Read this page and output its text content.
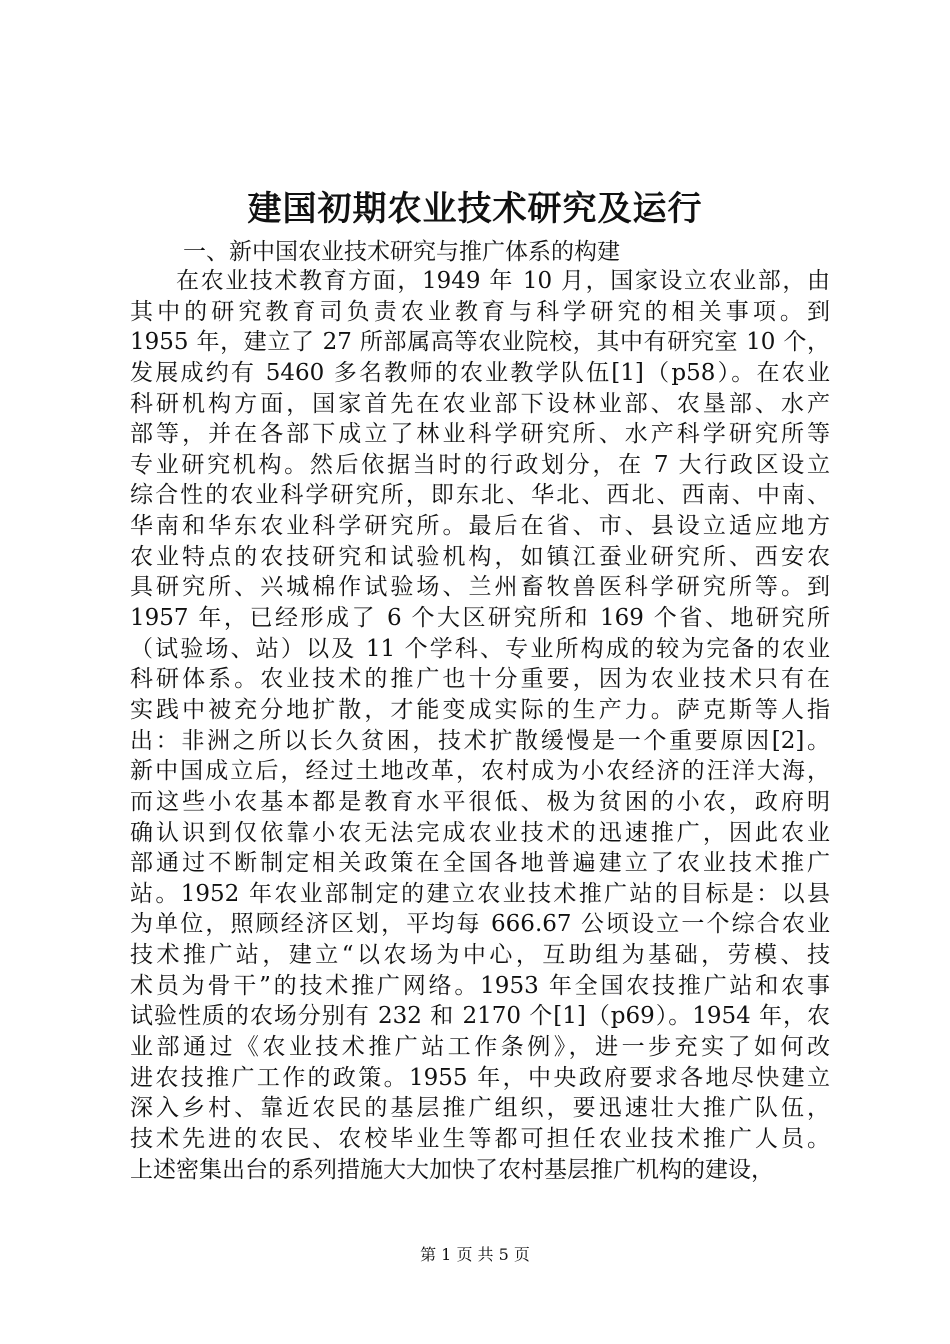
建国初期农业技术研究及运行
一、新中国农业技术研究与推广体系的构建
在农业技术教育方面，1949 年 10 月，国家设立农业部，由
其中的研究教育司负责农业教育与科学研究的相关事项。到
1955 年，建立了 27 所部属高等农业院校，其中有研究室 10 个，
发展成约有 5460 多名教师的农业教学队伍[1]（p58）。在农业
科研机构方面，国家首先在农业部下设林业部、农垦部、水产
部等，并在各部下成立了林业科学研究所、水产科学研究所等
专业研究机构。然后依据当时的行政划分，在 7 大行政区设立
综合性的农业科学研究所，即东北、华北、西北、西南、中南、
华南和华东农业科学研究所。最后在省、市、县设立适应地方
农业特点的农技研究和试验机构，如镇江蚕业研究所、西安农
具研究所、兴城棉作试验场、兰州畜牧兽医科学研究所等。到
1957 年，已经形成了 6 个大区研究所和 169 个省、地研究所
（试验场、站）以及 11 个学科、专业所构成的较为完备的农业
科研体系。农业技术的推广也十分重要，因为农业技术只有在
实践中被充分地扩散，才能变成实际的生产力。萨克斯等人指
出：非洲之所以长久贫困，技术扩散缓慢是一个重要原因[2]。
新中国成立后，经过土地改革，农村成为小农经济的汪洋大海，
而这些小农基本都是教育水平很低、极为贫困的小农，政府明
确认识到仅依靠小农无法完成农业技术的迅速推广，因此农业
部通过不断制定相关政策在全国各地普遍建立了农业技术推广
站。1952 年农业部制定的建立农业技术推广站的目标是：以县
为单位，照顾经济区划，平均每 666.67 公顷设立一个综合农业
技术推广站，建立“以农场为中心，互助组为基础，劳模、技
术员为骨干”的技术推广网络。1953 年全国农技推广站和农事
试验性质的农场分别有 232 和 2170 个[1]（p69）。1954 年，农
业部通过《农业技术推广站工作条例》，进一步充实了如何改
进农技推广工作的政策。1955 年，中央政府要求各地尽快建立
深入乡村、靠近农民的基层推广组织，要迅速壮大推广队伍，
技术先进的农民、农校毕业生等都可担任农业技术推广人员。
上述密集出台的系列措施大大加快了农村基层推广机构的建设，
第 1 页 共 5 页
